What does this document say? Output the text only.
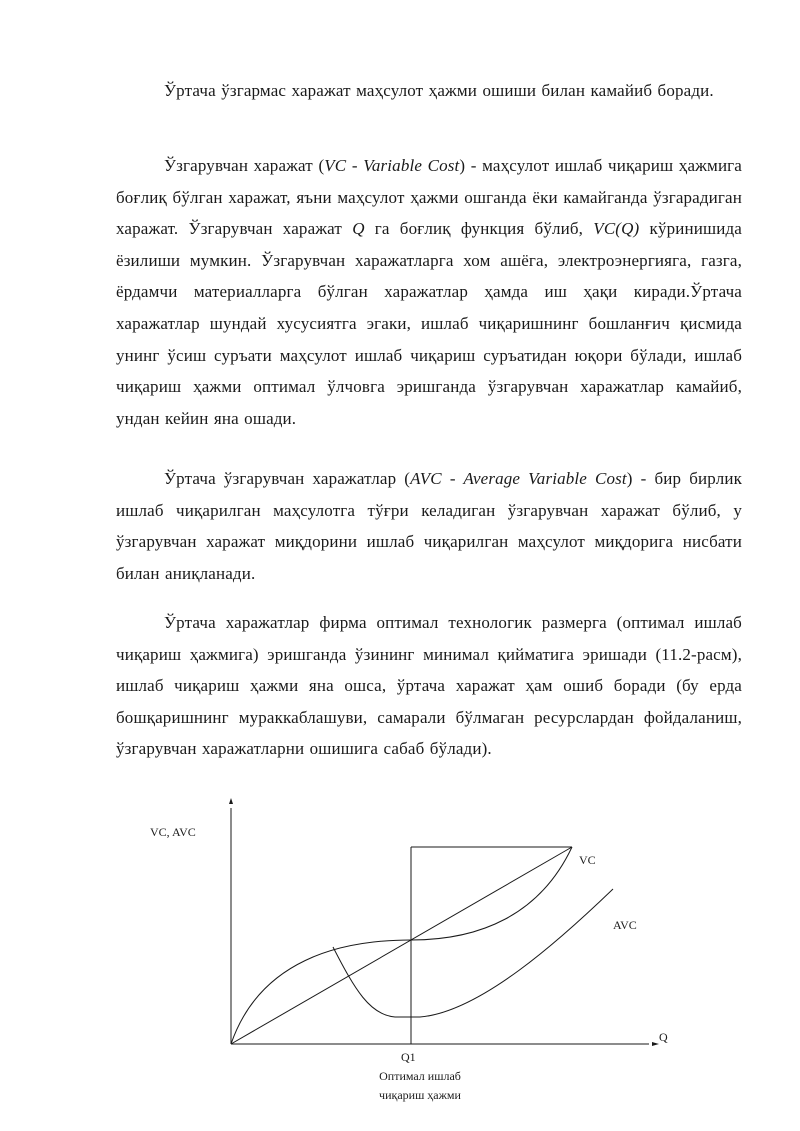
Ўртача ўзгармас харажат маҳсулот ҳажми ошиши билан камайиб боради.

Ўзгарувчан харажат (VC - Variable Cost) - маҳсулот ишлаб чиқариш ҳажмига боғлиқ бўлган харажат, яъни маҳсулот ҳажми ошганда ёки камайганда ўзгарадиган харажат. Ўзгарувчан харажат Q га боғлиқ функция бўлиб, VC(Q) кўринишида ёзилиши мумкин. Ўзгарувчан харажатларга хом ашёга, электроэнергияга, газга, ёрдамчи материалларга бўлган харажатлар ҳамда иш ҳақи киради.Ўртача харажатлар шундай хусусиятга эгаки, ишлаб чиқаришнинг бошланғич қисмида унинг ўсиш суръати маҳсулот ишлаб чиқариш суръатидан юқори бўлади, ишлаб чиқариш ҳажми оптимал ўлчовга эришганда ўзгарувчан харажатлар камайиб, ундан кейин яна ошади.

Ўртача ўзгарувчан харажатлар (AVC - Average Variable Cost) - бир бирлик ишлаб чиқарилган маҳсулотга тўғри келадиган ўзгарувчан харажат бўлиб, у ўзгарувчан харажат миқдорини ишлаб чиқарилган маҳсулот миқдорига нисбати билан аниқланади.

Ўртача харажатлар фирма оптимал технологик размерга (оптимал ишлаб чиқариш ҳажмига) эришганда ўзининг минимал қийматига эришади (11.2-расм), ишлаб чиқариш ҳажми яна ошса, ўртача харажат ҳам ошиб боради (бу ерда бошқаришнинг мураккаблашуви, самарали бўлмаган ресурслардан фойдаланиш, ўзгарувчан харажатларни ошишига сабаб бўлади).

VC, AVC
VC
AVC
Q
Q1
Оптимал ишлаб
чиқариш ҳажми
